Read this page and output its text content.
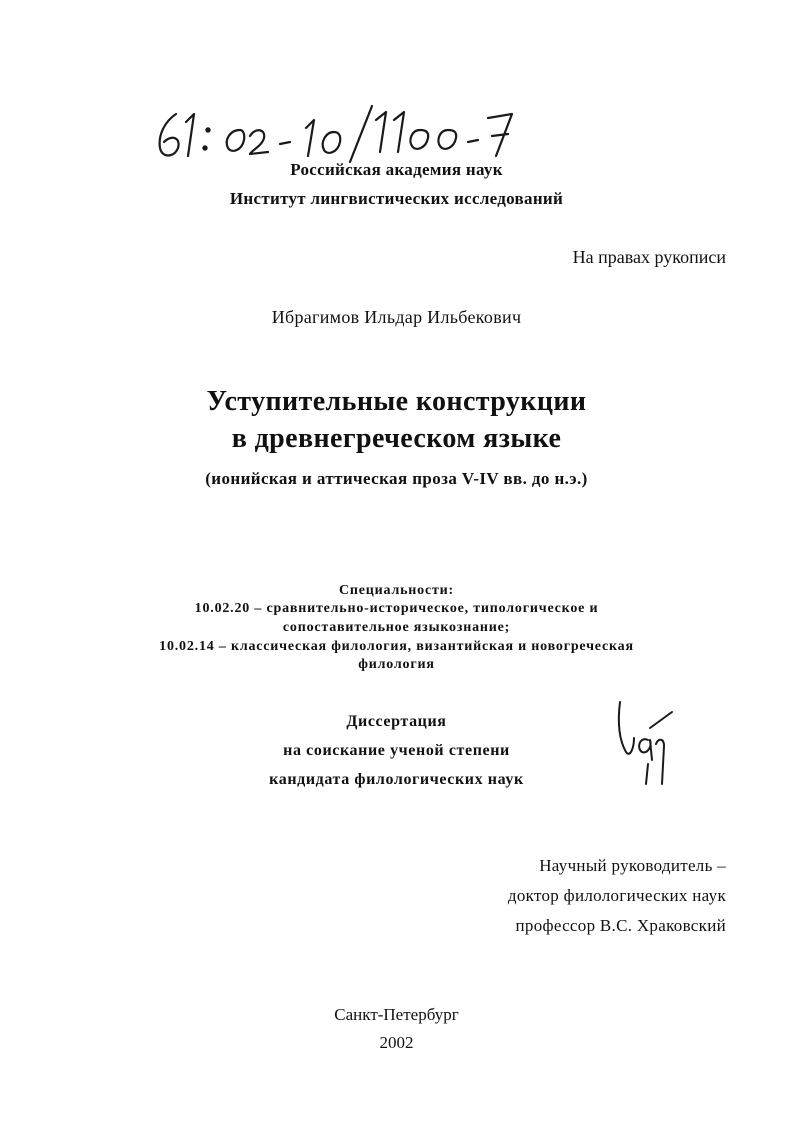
Российская академия наук
Институт лингвистических исследований
На правах рукописи
Ибрагимов Ильдар Ильбекович
Уступительные конструкции
в древнегреческом языке
(ионийская и аттическая проза V-IV вв. до н.э.)
Специальности:
10.02.20 – сравнительно-историческое, типологическое и
сопоставительное языкознание;
10.02.14 – классическая филология, византийская и новогреческая
филология
Диссертация
на соискание ученой степени
кандидата филологических наук
Научный руководитель –
доктор филологических наук
профессор В.С. Храковский
Санкт-Петербург
2002
